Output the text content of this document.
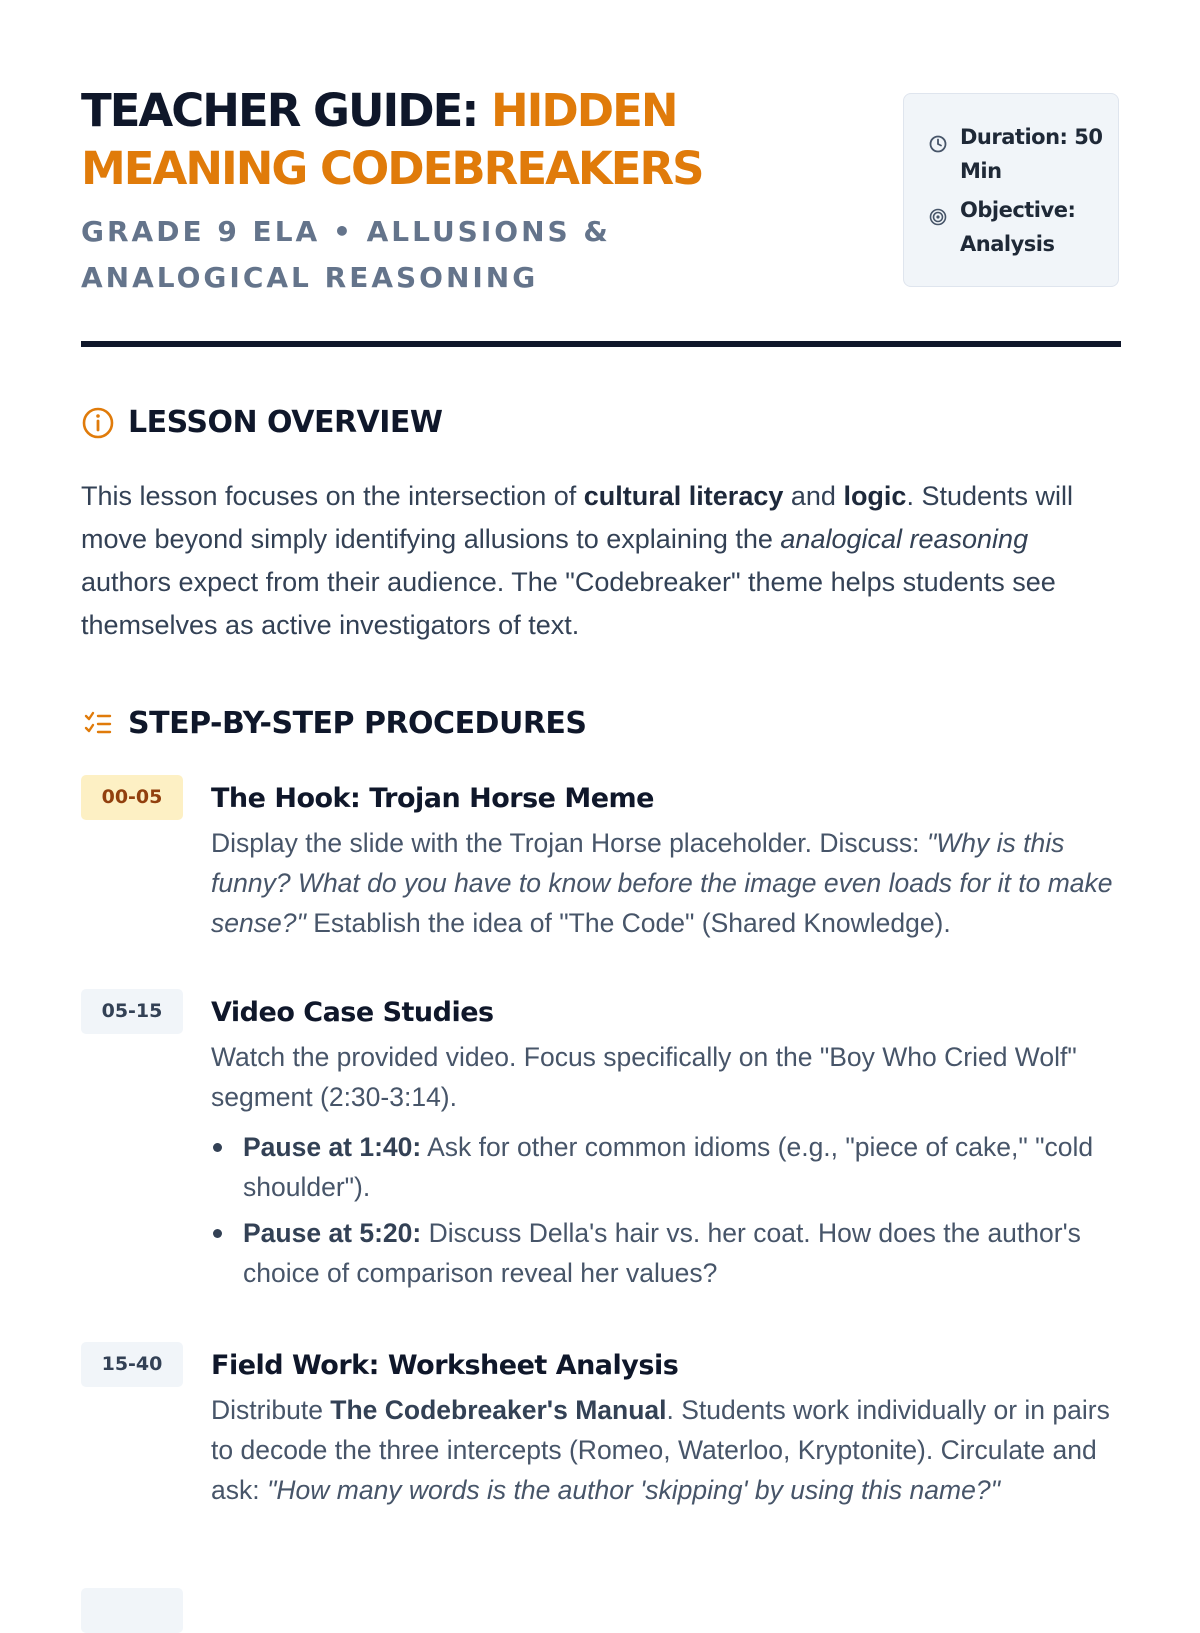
TEACHER GUIDE: HIDDEN MEANING CODEBREAKERS

GRADE 9 ELA • ALLUSIONS & ANALOGICAL REASONING

Duration: 50 Min
Objective: Analysis
LESSON OVERVIEW

This lesson focuses on the intersection of cultural literacy and logic. Students will move beyond simply identifying allusions to explaining the analogical reasoning authors expect from their audience. The "Codebreaker" theme helps students see themselves as active investigators of text.

STEP-BY-STEP PROCEDURES
00-05	The Hook: Trojan Horse Meme

Display the slide with the Trojan Horse placeholder. Discuss: "Why is this funny? What do you have to know before the image even loads for it to make sense?" Establish the idea of "The Code" (Shared Knowledge).

05-15	Video Case Studies

Watch the provided video. Focus specifically on the "Boy Who Cried Wolf" segment (2:30-3:14).

Pause at 1:40: Ask for other common idioms (e.g., "piece of cake," "cold shoulder").
Pause at 5:20: Discuss Della's hair vs. her coat. How does the author's choice of comparison reveal her values?
15-40	Field Work: Worksheet Analysis

Distribute The Codebreaker's Manual. Students work individually or in pairs to decode the three intercepts (Romeo, Waterloo, Kryptonite). Circulate and ask: "How many words is the author 'skipping' by using this name?"
